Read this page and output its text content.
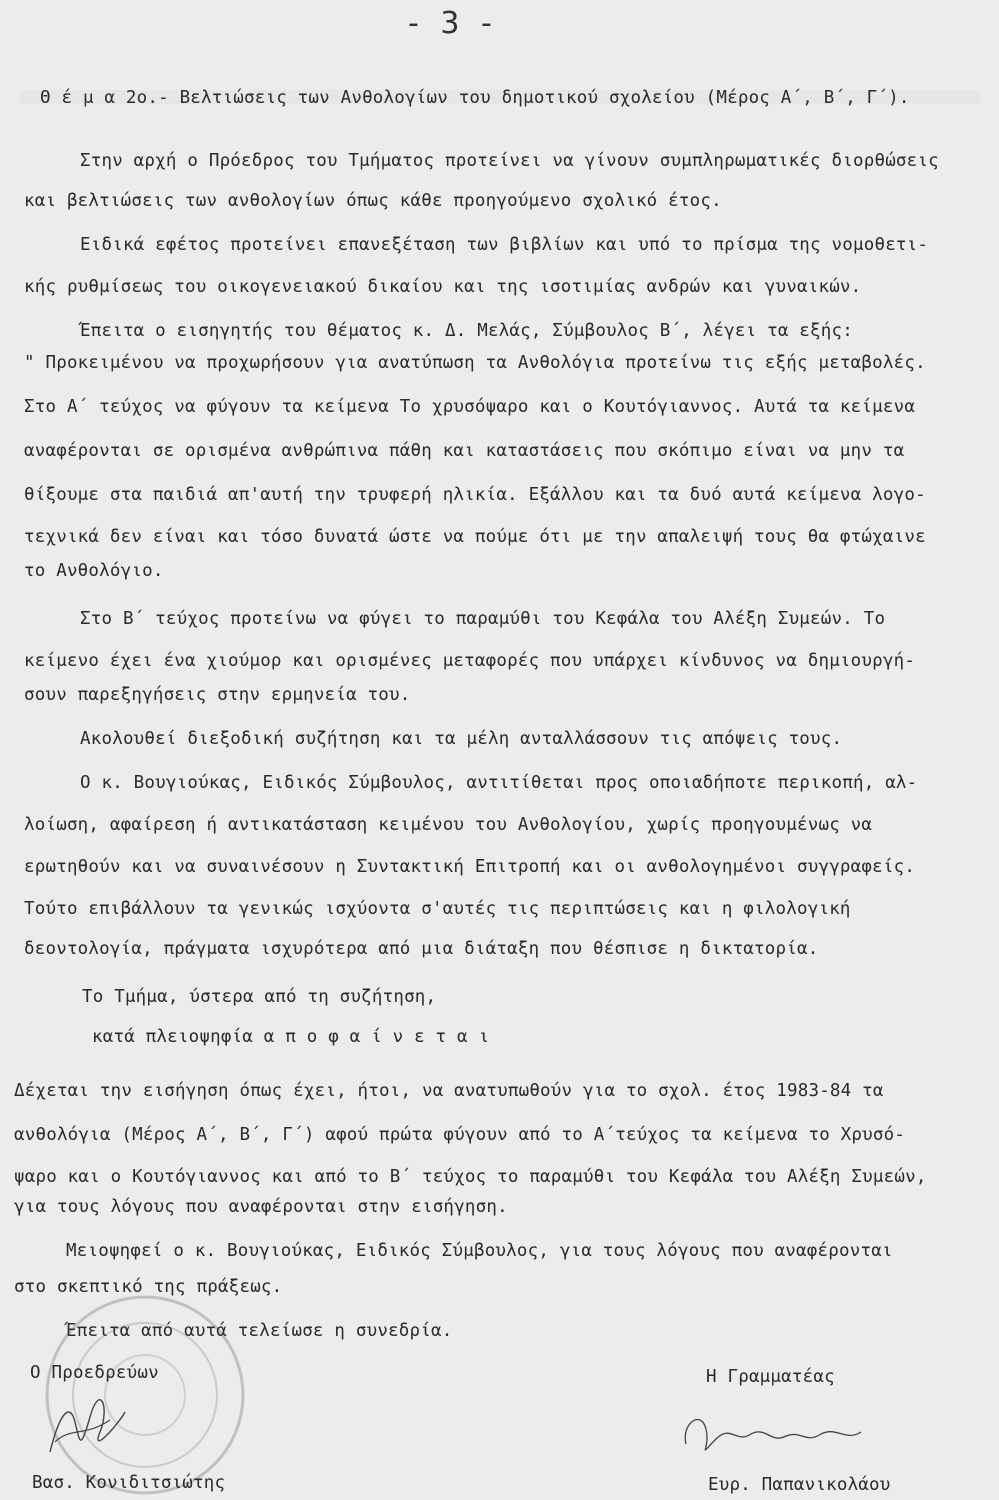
- 3 -
Θ έ μ α 2ο.- Βελτιώσεις των Ανθολογίων του δημοτικού σχολείου (Μέρος Α΄, Β΄, Γ΄).
Στην αρχή ο Πρόεδρος του Τμήματος προτείνει να γίνουν συμπληρωματικές διορθώσεις
και βελτιώσεις των ανθολογίων όπως κάθε προηγούμενο σχολικό έτος.
Ειδικά εφέτος προτείνει επανεξέταση των βιβλίων και υπό το πρίσμα της νομοθετι-
κής ρυθμίσεως του οικογενειακού δικαίου και της ισοτιμίας ανδρών και γυναικών.
Έπειτα ο εισηγητής του θέματος κ. Δ. Μελάς, Σύμβουλος Β΄, λέγει τα εξής:
" Προκειμένου να προχωρήσουν για ανατύπωση τα Ανθολόγια προτείνω τις εξής μεταβολές.
Στο Α΄ τεύχος να φύγουν τα κείμενα Το χρυσόψαρο και ο Κουτόγιαννος. Αυτά τα κείμενα
αναφέρονται σε ορισμένα ανθρώπινα πάθη και καταστάσεις που σκόπιμο είναι να μην τα
θίξουμε στα παιδιά απ'αυτή την τρυφερή ηλικία. Εξάλλου και τα δυό αυτά κείμενα λογο-
τεχνικά δεν είναι και τόσο δυνατά ώστε να πούμε ότι με την απαλειψή τους θα φτώχαινε
το Ανθολόγιο.
Στο Β΄ τεύχος προτείνω να φύγει το παραμύθι του Κεφάλα του Αλέξη Συμεών. Το
κείμενο έχει ένα χιούμορ και ορισμένες μεταφορές που υπάρχει κίνδυνος να δημιουργή-
σουν παρεξηγήσεις στην ερμηνεία του.
Ακολουθεί διεξοδική συζήτηση και τα μέλη ανταλλάσσουν τις απόψεις τους.
Ο κ. Βουγιούκας, Ειδικός Σύμβουλος, αντιτίθεται προς οποιαδήποτε περικοπή, αλ-
λοίωση, αφαίρεση ή αντικατάσταση κειμένου του Ανθολογίου, χωρίς προηγουμένως να
ερωτηθούν και να συναινέσουν η Συντακτική Επιτροπή και οι ανθολογημένοι συγγραφείς.
Τούτο επιβάλλουν τα γενικώς ισχύοντα σ'αυτές τις περιπτώσεις και η φιλολογική
δεοντολογία, πράγματα ισχυρότερα από μια διάταξη που θέσπισε η δικτατορία.
Το Τμήμα, ύστερα από τη συζήτηση,
κατά πλειοψηφία α π ο φ α ί ν ε τ α ι
Δέχεται την εισήγηση όπως έχει, ήτοι, να ανατυπωθούν για το σχολ. έτος 1983-84 τα
ανθολόγια (Μέρος Α΄, Β΄, Γ΄) αφού πρώτα φύγουν από το Α΄τεύχος τα κείμενα το Χρυσό-
ψαρο και ο Κουτόγιαννος και από το Β΄ τεύχος το παραμύθι του Κεφάλα του Αλέξη Συμεών,
για τους λόγους που αναφέρονται στην εισήγηση.
Μειοψηφεί ο κ. Βουγιούκας, Ειδικός Σύμβουλος, για τους λόγους που αναφέρονται
στο σκεπτικό της πράξεως.
Έπειτα από αυτά τελείωσε η συνεδρία.
Ο Προεδρεύων
Βασ. Κονιδιτσιώτης
Η Γραμματέας
Ευρ. Παπανικολάου
